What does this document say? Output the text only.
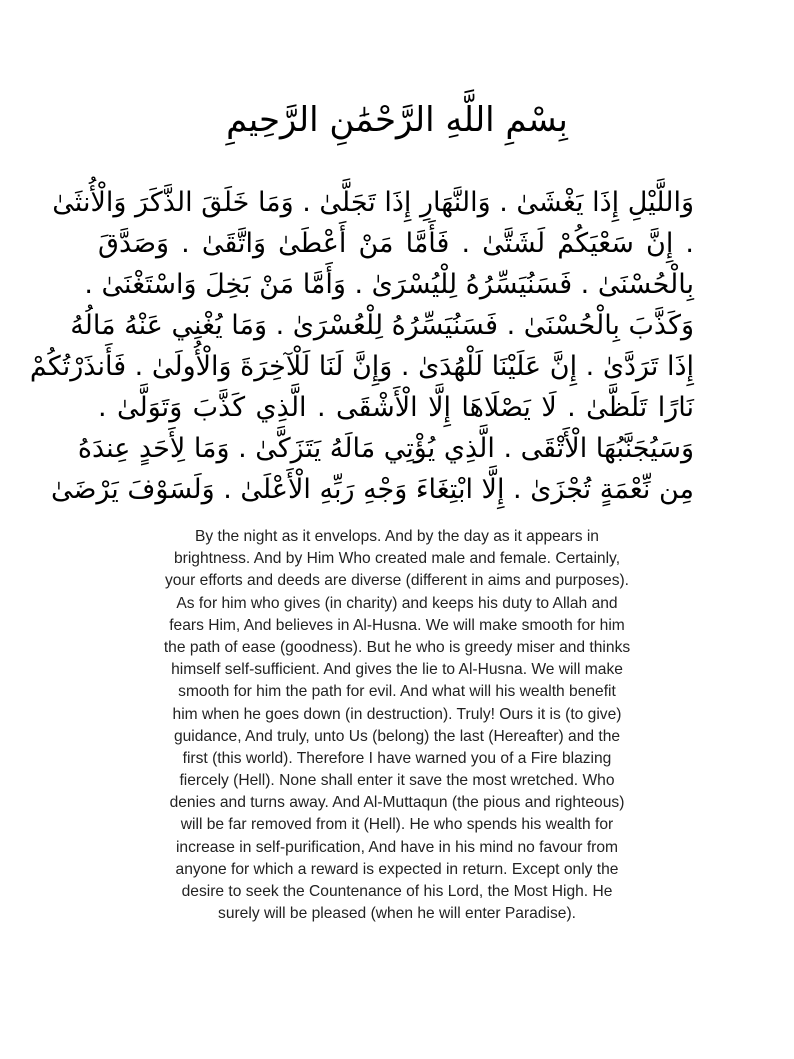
بِسْمِ اللَّهِ الرَّحْمَٰنِ الرَّحِيمِ
وَاللَّيْلِ إِذَا يَغْشَىٰ . وَالنَّهَارِ إِذَا تَجَلَّىٰ . وَمَا خَلَقَ الذَّكَرَ وَالْأُنثَىٰ
. إِنَّ سَعْيَكُمْ لَشَتَّىٰ . فَأَمَّا مَنْ أَعْطَىٰ وَاتَّقَىٰ . وَصَدَّقَ
بِالْحُسْنَىٰ . فَسَنُيَسِّرُهُ لِلْيُسْرَىٰ . وَأَمَّا مَنْ بَخِلَ وَاسْتَغْنَىٰ .
وَكَذَّبَ بِالْحُسْنَىٰ . فَسَنُيَسِّرُهُ لِلْعُسْرَىٰ . وَمَا يُغْنِي عَنْهُ مَالُهُ
إِذَا تَرَدَّىٰ . إِنَّ عَلَيْنَا لَلْهُدَىٰ . وَإِنَّ لَنَا لَلْآخِرَةَ وَالْأُولَىٰ . فَأَنذَرْتُكُمْ
نَارًا تَلَظَّىٰ . لَا يَصْلَاهَا إِلَّا الْأَشْقَى . الَّذِي كَذَّبَ وَتَوَلَّىٰ .
وَسَيُجَنَّبُهَا الْأَتْقَى . الَّذِي يُؤْتِي مَالَهُ يَتَزَكَّىٰ . وَمَا لِأَحَدٍ عِندَهُ
مِن نِّعْمَةٍ تُجْزَىٰ . إِلَّا ابْتِغَاءَ وَجْهِ رَبِّهِ الْأَعْلَىٰ . وَلَسَوْفَ يَرْضَىٰ
By the night as it envelops. And by the day as it appears in
brightness. And by Him Who created male and female. Certainly,
your efforts and deeds are diverse (different in aims and purposes).
As for him who gives (in charity) and keeps his duty to Allah and
fears Him, And believes in Al-Husna. We will make smooth for him
the path of ease (goodness). But he who is greedy miser and thinks
himself self-sufficient. And gives the lie to Al-Husna. We will make
smooth for him the path for evil. And what will his wealth benefit
him when he goes down (in destruction). Truly! Ours it is (to give)
guidance, And truly, unto Us (belong) the last (Hereafter) and the
first (this world). Therefore I have warned you of a Fire blazing
fiercely (Hell). None shall enter it save the most wretched. Who
denies and turns away. And Al-Muttaqun (the pious and righteous)
will be far removed from it (Hell). He who spends his wealth for
increase in self-purification, And have in his mind no favour from
anyone for which a reward is expected in return. Except only the
desire to seek the Countenance of his Lord, the Most High. He
surely will be pleased (when he will enter Paradise).
